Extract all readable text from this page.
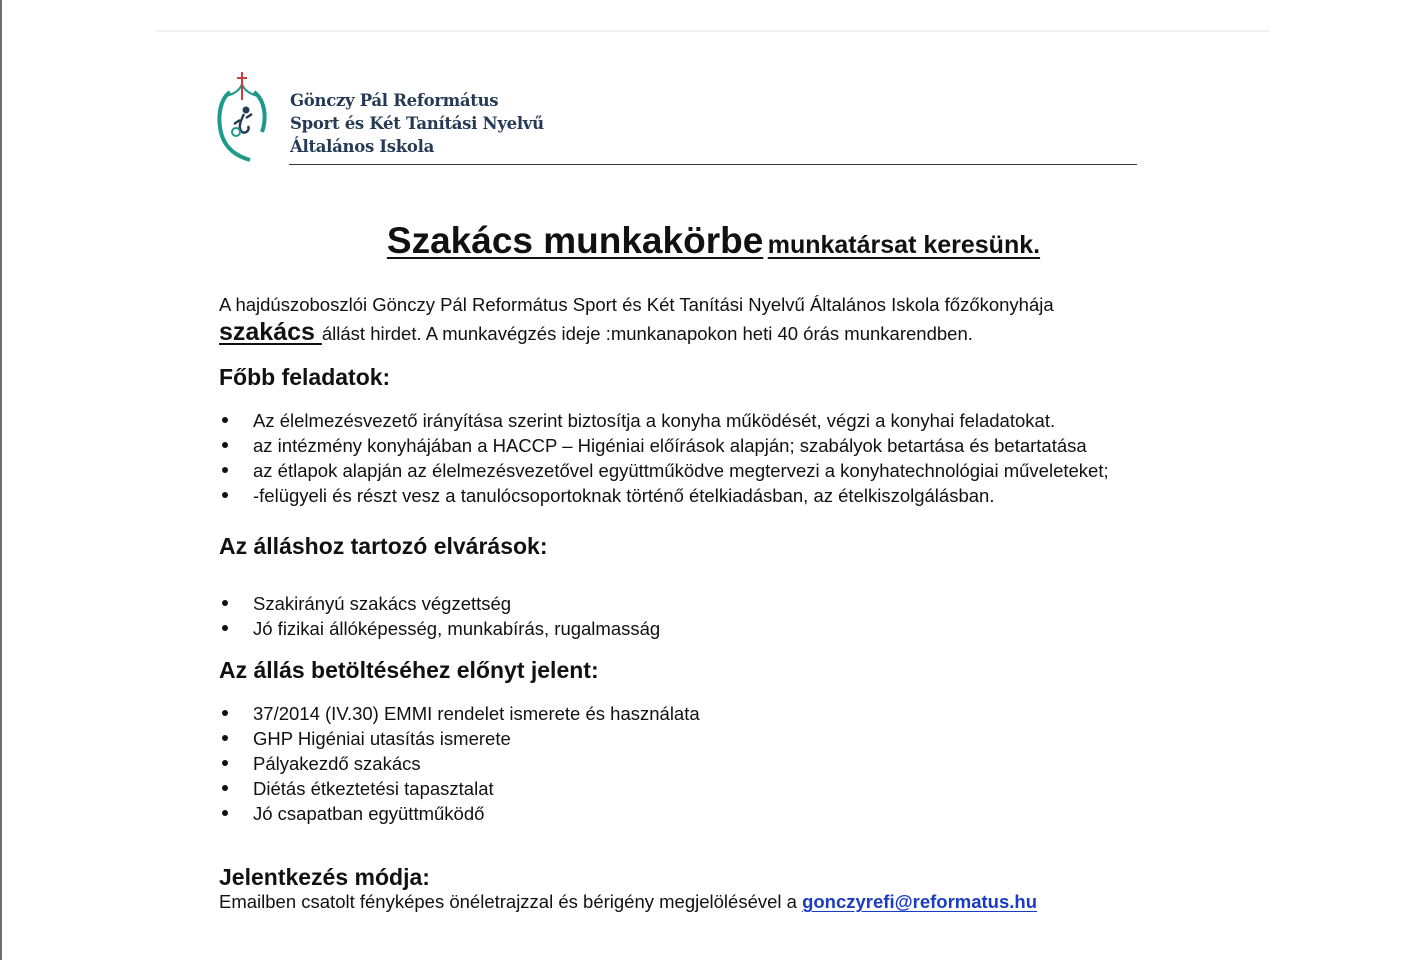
Gönczy Pál Református
Sport és Két Tanítási Nyelvű
Általános Iskola
Szakács munkakörbe munkatársat keresünk.
A hajdúszoboszlói Gönczy Pál Református Sport és Két Tanítási Nyelvű Általános Iskola főzőkonyhája
szakács állást hirdet. A munkavégzés ideje :munkanapokon heti 40 órás munkarendben.
Főbb feladatok:
Az élelmezésvezető irányítása szerint biztosítja a konyha működését, végzi a konyhai feladatokat.
az intézmény konyhájában a HACCP – Higéniai előírások alapján; szabályok betartása és betartatása
az étlapok alapján az élelmezésvezetővel együttműködve megtervezi a konyhatechnológiai műveleteket;
-felügyeli és részt vesz a tanulócsoportoknak történő ételkiadásban, az ételkiszolgálásban.
Az álláshoz tartozó elvárások:
Szakirányú szakács végzettség
Jó fizikai állóképesség, munkabírás, rugalmasság
Az állás betöltéséhez előnyt jelent:
37/2014 (IV.30) EMMI rendelet ismerete és használata
GHP Higéniai utasítás ismerete
Pályakezdő szakács
Diétás étkeztetési tapasztalat
Jó csapatban együttműködő
Jelentkezés módja:
Emailben csatolt fényképes önéletrajzzal és bérigény megjelölésével a gonczyrefi@reformatus.hu
